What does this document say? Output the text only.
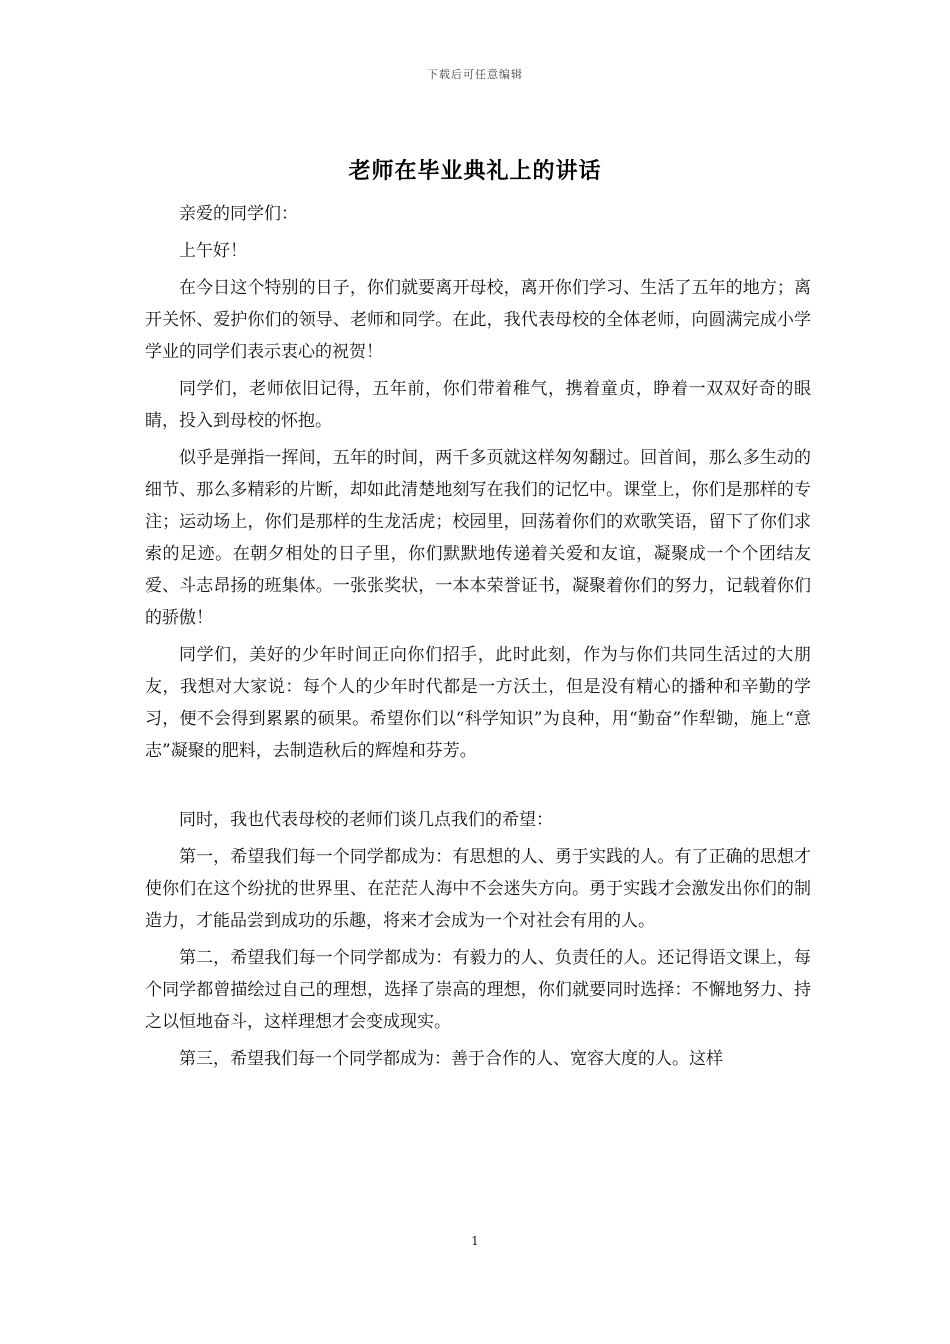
下载后可任意编辑
老师在毕业典礼上的讲话

亲爱的同学们：

上午好！

在今日这个特别的日子，你们就要离开母校，离开你们学习、生活了五年的地方；离开关怀、爱护你们的领导、老师和同学。在此，我代表母校的全体老师，向圆满完成小学学业的同学们表示衷心的祝贺！

同学们，老师依旧记得，五年前，你们带着稚气，携着童贞，睁着一双双好奇的眼睛，投入到母校的怀抱。

似乎是弹指一挥间，五年的时间，两千多页就这样匆匆翻过。回首间，那么多生动的细节、那么多精彩的片断，却如此清楚地刻写在我们的记忆中。课堂上，你们是那样的专注；运动场上，你们是那样的生龙活虎；校园里，回荡着你们的欢歌笑语，留下了你们求索的足迹。在朝夕相处的日子里，你们默默地传递着关爱和友谊，凝聚成一个个团结友爱、斗志昂扬的班集体。一张张奖状，一本本荣誉证书，凝聚着你们的努力，记载着你们的骄傲！

同学们，美好的少年时间正向你们招手，此时此刻，作为与你们共同生活过的大朋友，我想对大家说：每个人的少年时代都是一方沃土，但是没有精心的播种和辛勤的学习，便不会得到累累的硕果。希望你们以“科学知识”为良种，用“勤奋”作犁锄，施上“意志”凝聚的肥料，去制造秋后的辉煌和芬芳。

同时，我也代表母校的老师们谈几点我们的希望：

第一，希望我们每一个同学都成为：有思想的人、勇于实践的人。有了正确的思想才使你们在这个纷扰的世界里、在茫茫人海中不会迷失方向。勇于实践才会激发出你们的制造力，才能品尝到成功的乐趣，将来才会成为一个对社会有用的人。

第二，希望我们每一个同学都成为：有毅力的人、负责任的人。还记得语文课上，每个同学都曾描绘过自己的理想，选择了崇高的理想，你们就要同时选择：不懈地努力、持之以恒地奋斗，这样理想才会变成现实。

第三，希望我们每一个同学都成为：善于合作的人、宽容大度的人。这样

1
